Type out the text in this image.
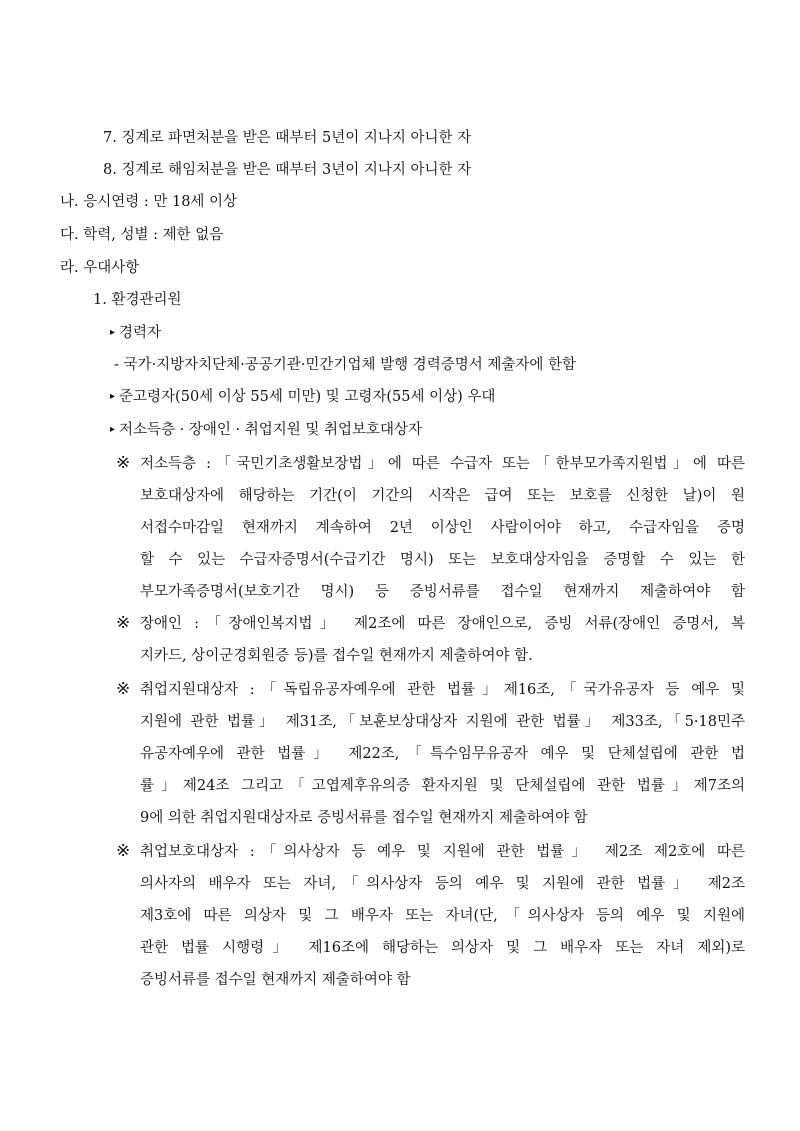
7. 징계로 파면처분을 받은 때부터 5년이 지나지 아니한 자
8. 징계로 해임처분을 받은 때부터 3년이 지나지 아니한 자
나. 응시연령 : 만 18세 이상
다. 학력, 성별 : 제한 없음
라. 우대사항
1. 환경관리원
▸ 경력자
- 국가·지방자치단체·공공기관·민간기업체 발행 경력증명서 제출자에 한함
▸ 준고령자(50세 이상 55세 미만) 및 고령자(55세 이상) 우대
▸ 저소득층 · 장애인 · 취업지원 및 취업보호대상자
※ 저소득층 :「국민기초생활보장법」에 따른 수급자 또는「한부모가족지원법」에 따른
보호대상자에 해당하는 기간(이 기간의 시작은 급여 또는 보호를 신청한 날)이 원
서접수마감일 현재까지 계속하여 2년 이상인 사람이어야 하고, 수급자임을 증명
할 수 있는 수급자증명서(수급기간 명시) 또는 보호대상자임을 증명할 수 있는 한
부모가족증명서(보호기간 명시) 등 증빙서류를 접수일 현재까지 제출하여야 함
※ 장애인 :「장애인복지법」 제2조에 따른 장애인으로, 증빙 서류(장애인 증명서, 복
지카드, 상이군경회원증 등)를 접수일 현재까지 제출하여야 함.
※ 취업지원대상자 :「독립유공자예우에 관한 법률」제16조,「국가유공자 등 예우 및
지원에 관한 법률」 제31조,「보훈보상대상자 지원에 관한 법률」 제33조,「5·18민주
유공자예우에 관한 법률」 제22조,「특수임무유공자 예우 및 단체설립에 관한 법
률」제24조 그리고「고엽제후유의증 환자지원 및 단체설립에 관한 법률」제7조의
9에 의한 취업지원대상자로 증빙서류를 접수일 현재까지 제출하여야 함
※ 취업보호대상자 :「의사상자 등 예우 및 지원에 관한 법률」 제2조 제2호에 따른
의사자의 배우자 또는 자녀,「의사상자 등의 예우 및 지원에 관한 법률」 제2조
제3호에 따른 의상자 및 그 배우자 또는 자녀(단,「의사상자 등의 예우 및 지원에
관한 법률 시행령」 제16조에 해당하는 의상자 및 그 배우자 또는 자녀 제외)로
증빙서류를 접수일 현재까지 제출하여야 함
